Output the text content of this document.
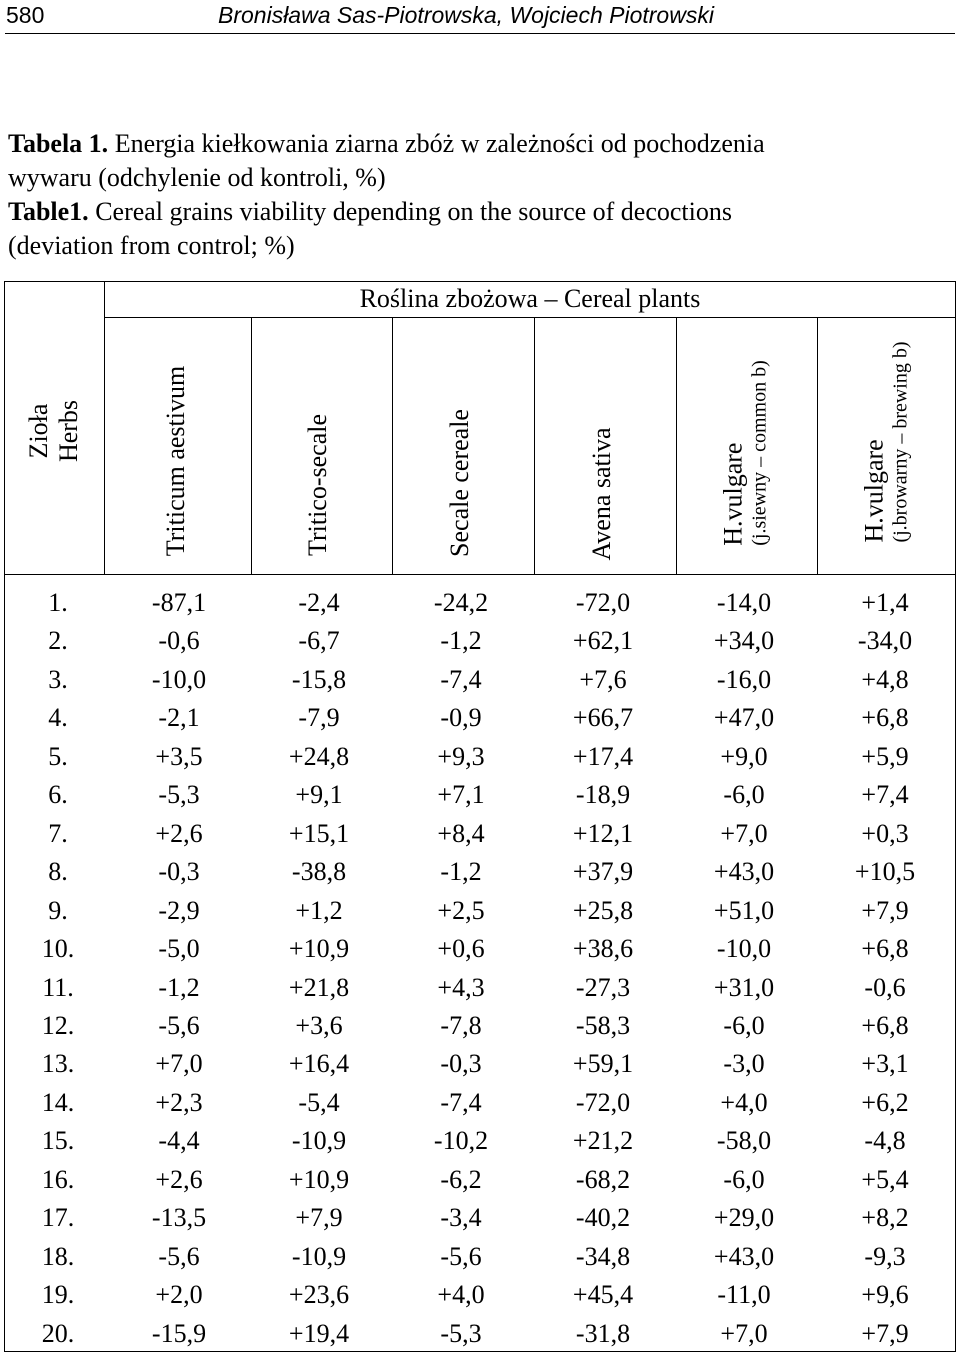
580	Bronisława Sas-Piotrowska, Wojciech Piotrowski
Tabela 1. Energia kiełkowania ziarna zbóż w zależności od pochodzenia
wywaru (odchylenie od kontroli, %)
Table1. Cereal grains viability depending on the source of decoctions
(deviation from control; %)
Zioła Herbs
Roślina zbożowa – Cereal plants
Triticum aestivum	Tritico-secale	Secale cereale	Avena sativa	H.vulgare (j.siewny – common b)	H.vulgare (j.browarny – brewing b)
1.	-87,1	-2,4	-24,2	-72,0	-14,0	+1,4
2.	-0,6	-6,7	-1,2	+62,1	+34,0	-34,0
3.	-10,0	-15,8	-7,4	+7,6	-16,0	+4,8
4.	-2,1	-7,9	-0,9	+66,7	+47,0	+6,8
5.	+3,5	+24,8	+9,3	+17,4	+9,0	+5,9
6.	-5,3	+9,1	+7,1	-18,9	-6,0	+7,4
7.	+2,6	+15,1	+8,4	+12,1	+7,0	+0,3
8.	-0,3	-38,8	-1,2	+37,9	+43,0	+10,5
9.	-2,9	+1,2	+2,5	+25,8	+51,0	+7,9
10.	-5,0	+10,9	+0,6	+38,6	-10,0	+6,8
11.	-1,2	+21,8	+4,3	-27,3	+31,0	-0,6
12.	-5,6	+3,6	-7,8	-58,3	-6,0	+6,8
13.	+7,0	+16,4	-0,3	+59,1	-3,0	+3,1
14.	+2,3	-5,4	-7,4	-72,0	+4,0	+6,2
15.	-4,4	-10,9	-10,2	+21,2	-58,0	-4,8
16.	+2,6	+10,9	-6,2	-68,2	-6,0	+5,4
17.	-13,5	+7,9	-3,4	-40,2	+29,0	+8,2
18.	-5,6	-10,9	-5,6	-34,8	+43,0	-9,3
19.	+2,0	+23,6	+4,0	+45,4	-11,0	+9,6
20.	-15,9	+19,4	-5,3	-31,8	+7,0	+7,9
